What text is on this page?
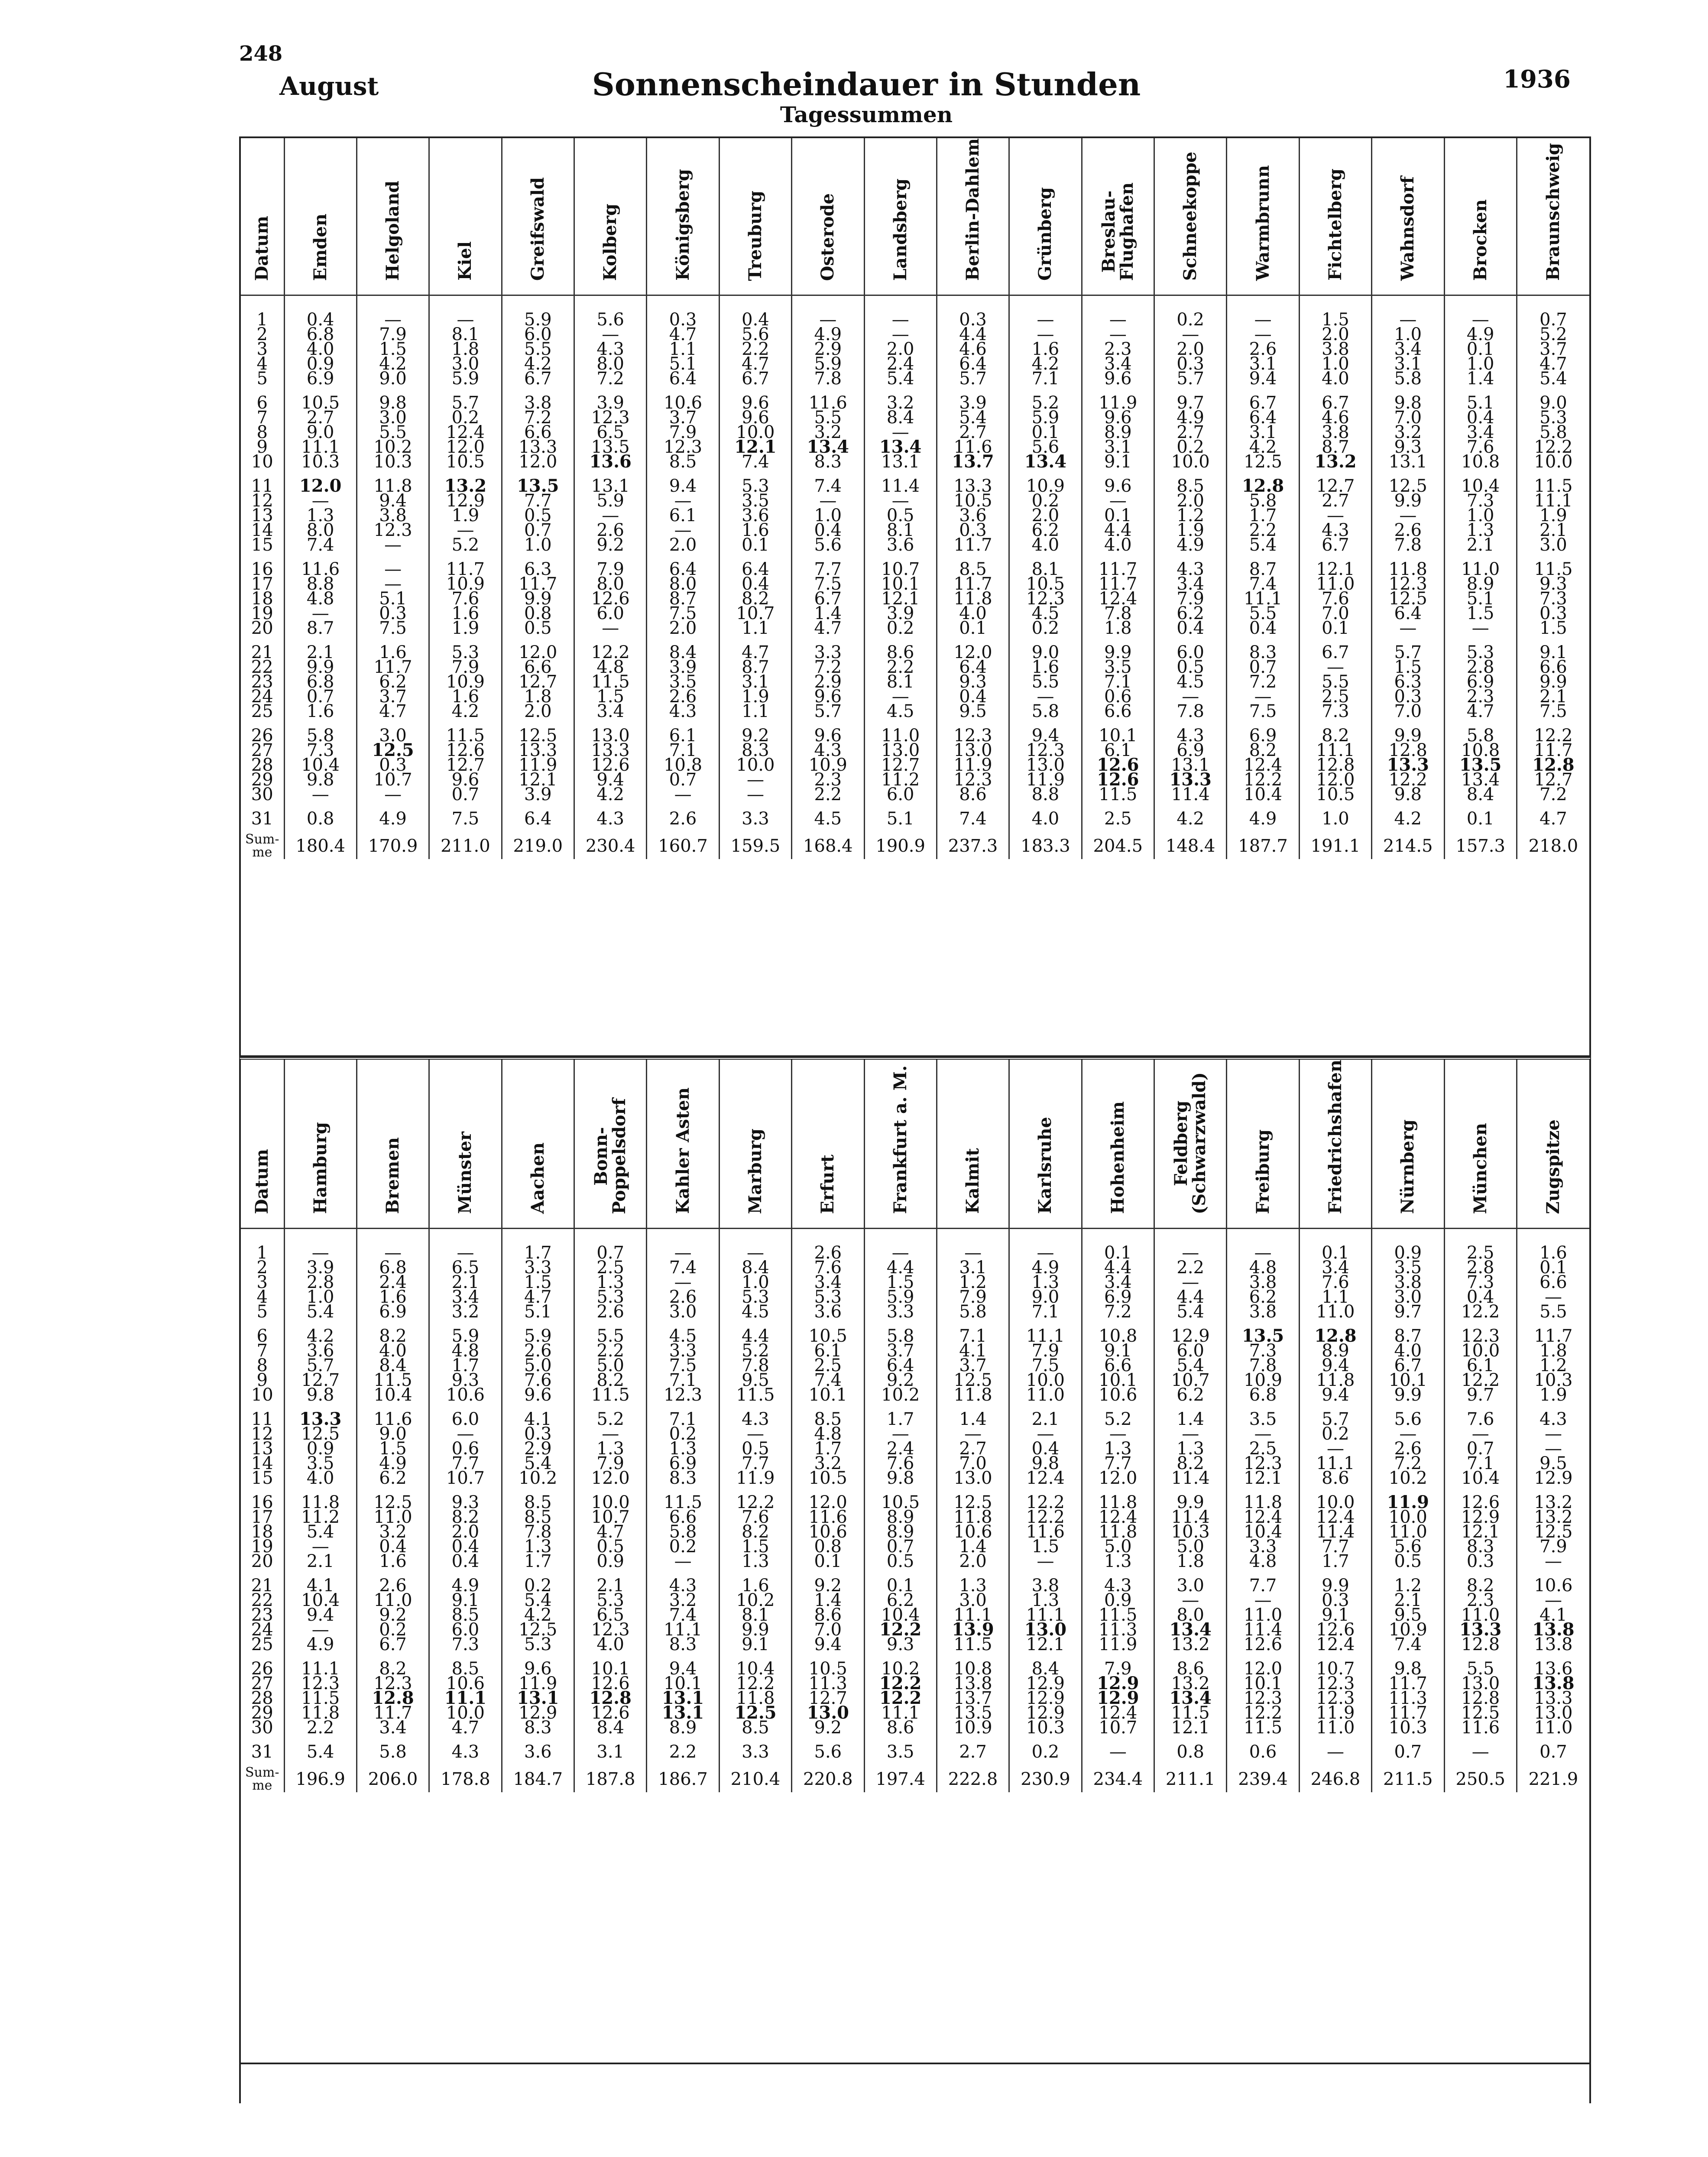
248
August	Sonnenscheindauer in Stunden
Tagessummen
1936
Datum	Emden	Helgoland	Kiel	Greifswald	Kolberg	Königsberg	Treuburg	Osterode	Landsberg	Berlin-Dahlem	Grünberg	Breslau-
Flughafen	Schneekoppe	Warmbrunn	Fichtelberg	Wahnsdorf	Brocken	Braunschweig
1	0.4	—	—	5.9	5.6	0.3	0.4	—	—	0.3	—	—	0.2	—	1.5	—	—	0.7
2	6.8	7.9	8.1	6.0	—	4.7	5.6	4.9	—	4.4	—	—	—	—	2.0	1.0	4.9	5.2
3	4.0	1.5	1.8	5.5	4.3	1.1	2.2	2.9	2.0	4.6	1.6	2.3	2.0	2.6	3.8	3.4	0.1	3.7
4	0.9	4.2	3.0	4.2	8.0	5.1	4.7	5.9	2.4	6.4	4.2	3.4	0.3	3.1	1.0	3.1	1.0	4.7
5	6.9	9.0	5.9	6.7	7.2	6.4	6.7	7.8	5.4	5.7	7.1	9.6	5.7	9.4	4.0	5.8	1.4	5.4
6	10.5	9.8	5.7	3.8	3.9	10.6	9.6	11.6	3.2	3.9	5.2	11.9	9.7	6.7	6.7	9.8	5.1	9.0
7	2.7	3.0	0.2	7.2	12.3	3.7	9.6	5.5	8.4	5.4	5.9	9.6	4.9	6.4	4.6	7.0	0.4	5.3
8	9.0	5.5	12.4	6.6	6.5	7.9	10.0	3.2	—	2.7	0.1	8.9	2.7	3.1	3.8	3.2	3.4	5.8
9	11.1	10.2	12.0	13.3	13.5	12.3	12.1	13.4	13.4	11.6	5.6	3.1	0.2	4.2	8.7	9.3	7.6	12.2
10	10.3	10.3	10.5	12.0	13.6	8.5	7.4	8.3	13.1	13.7	13.4	9.1	10.0	12.5	13.2	13.1	10.8	10.0
11	12.0	11.8	13.2	13.5	13.1	9.4	5.3	7.4	11.4	13.3	10.9	9.6	8.5	12.8	12.7	12.5	10.4	11.5
12	—	9.4	12.9	7.7	5.9	—	3.5	—	—	10.5	0.2	—	2.0	5.8	2.7	9.9	7.3	11.1
13	1.3	3.8	1.9	0.5	—	6.1	3.6	1.0	0.5	3.6	2.0	0.1	1.2	1.7	—	—	1.0	1.9
14	8.0	12.3	—	0.7	2.6	—	1.6	0.4	8.1	0.3	6.2	4.4	1.9	2.2	4.3	2.6	1.3	2.1
15	7.4	—	5.2	1.0	9.2	2.0	0.1	5.6	3.6	11.7	4.0	4.0	4.9	5.4	6.7	7.8	2.1	3.0
16	11.6	—	11.7	6.3	7.9	6.4	6.4	7.7	10.7	8.5	8.1	11.7	4.3	8.7	12.1	11.8	11.0	11.5
17	8.8	—	10.9	11.7	8.0	8.0	0.4	7.5	10.1	11.7	10.5	11.7	3.4	7.4	11.0	12.3	8.9	9.3
18	4.8	5.1	7.6	9.9	12.6	8.7	8.2	6.7	12.1	11.8	12.3	12.4	7.9	11.1	7.6	12.5	5.1	7.3
19	—	0.3	1.6	0.8	6.0	7.5	10.7	1.4	3.9	4.0	4.5	7.8	6.2	5.5	7.0	6.4	1.5	0.3
20	8.7	7.5	1.9	0.5	—	2.0	1.1	4.7	0.2	0.1	0.2	1.8	0.4	0.4	0.1	—	—	1.5
21	2.1	1.6	5.3	12.0	12.2	8.4	4.7	3.3	8.6	12.0	9.0	9.9	6.0	8.3	6.7	5.7	5.3	9.1
22	9.9	11.7	7.9	6.6	4.8	3.9	8.7	7.2	2.2	6.4	1.6	3.5	0.5	0.7	—	1.5	2.8	6.6
23	6.8	6.2	10.9	12.7	11.5	3.5	3.1	2.9	8.1	9.3	5.5	7.1	4.5	7.2	5.5	6.3	6.9	9.9
24	0.7	3.7	1.6	1.8	1.5	2.6	1.9	9.6	—	0.4	—	0.6	—	—	2.5	0.3	2.3	2.1
25	1.6	4.7	4.2	2.0	3.4	4.3	1.1	5.7	4.5	9.5	5.8	6.6	7.8	7.5	7.3	7.0	4.7	7.5
26	5.8	3.0	11.5	12.5	13.0	6.1	9.2	9.6	11.0	12.3	9.4	10.1	4.3	6.9	8.2	9.9	5.8	12.2
27	7.3	12.5	12.6	13.3	13.3	7.1	8.3	4.3	13.0	13.0	12.3	6.1	6.9	8.2	11.1	12.8	10.8	11.7
28	10.4	0.3	12.7	11.9	12.6	10.8	10.0	10.9	12.7	11.9	13.0	12.6	13.1	12.4	12.8	13.3	13.5	12.8
29	9.8	10.7	9.6	12.1	9.4	0.7	—	2.3	11.2	12.3	11.9	12.6	13.3	12.2	12.0	12.2	13.4	12.7
30	—	—	0.7	3.9	4.2	—	—	2.2	6.0	8.6	8.8	11.5	11.4	10.4	10.5	9.8	8.4	7.2
31	0.8	4.9	7.5	6.4	4.3	2.6	3.3	4.5	5.1	7.4	4.0	2.5	4.2	4.9	1.0	4.2	0.1	4.7
Sum-
me	180.4	170.9	211.0	219.0	230.4	160.7	159.5	168.4	190.9	237.3	183.3	204.5	148.4	187.7	191.1	214.5	157.3	218.0
Datum	Hamburg	Bremen	Münster	Aachen	Bonn-
Poppelsdorf	Kahler Asten	Marburg	Erfurt	Frankfurt a. M.	Kalmit	Karlsruhe	Hohenheim	Feldberg
(Schwarzwald)	Freiburg	Friedrichshafen	Nürnberg	München	Zugspitze
1	—	—	—	1.7	0.7	—	—	2.6	—	—	—	0.1	—	—	0.1	0.9	2.5	1.6
2	3.9	6.8	6.5	3.3	2.5	7.4	8.4	7.6	4.4	3.1	4.9	4.4	2.2	4.8	3.4	3.5	2.8	0.1
3	2.8	2.4	2.1	1.5	1.3	—	1.0	3.4	1.5	1.2	1.3	3.4	—	3.8	7.6	3.8	7.3	6.6
4	1.0	1.6	3.4	4.7	5.3	2.6	5.3	5.3	5.9	7.9	9.0	6.9	4.4	6.2	1.1	3.0	0.4	—
5	5.4	6.9	3.2	5.1	2.6	3.0	4.5	3.6	3.3	5.8	7.1	7.2	5.4	3.8	11.0	9.7	12.2	5.5
6	4.2	8.2	5.9	5.9	5.5	4.5	4.4	10.5	5.8	7.1	11.1	10.8	12.9	13.5	12.8	8.7	12.3	11.7
7	3.6	4.0	4.8	2.6	2.2	3.3	5.2	6.1	3.7	4.1	7.9	9.1	6.0	7.3	8.9	4.0	10.0	1.8
8	5.7	8.4	1.7	5.0	5.0	7.5	7.8	2.5	6.4	3.7	7.5	6.6	5.4	7.8	9.4	6.7	6.1	1.2
9	12.7	11.5	9.3	7.6	8.2	7.1	9.5	7.4	9.2	12.5	10.0	10.1	10.7	10.9	11.8	10.1	12.2	10.3
10	9.8	10.4	10.6	9.6	11.5	12.3	11.5	10.1	10.2	11.8	11.0	10.6	6.2	6.8	9.4	9.9	9.7	1.9
11	13.3	11.6	6.0	4.1	5.2	7.1	4.3	8.5	1.7	1.4	2.1	5.2	1.4	3.5	5.7	5.6	7.6	4.3
12	12.5	9.0	—	0.3	—	0.2	—	4.8	—	—	—	—	—	—	0.2	—	—	—
13	0.9	1.5	0.6	2.9	1.3	1.3	0.5	1.7	2.4	2.7	0.4	1.3	1.3	2.5	—	2.6	0.7	—
14	3.5	4.9	7.7	5.4	7.9	6.9	7.7	3.2	7.6	7.0	9.8	7.7	8.2	12.3	11.1	7.2	7.1	9.5
15	4.0	6.2	10.7	10.2	12.0	8.3	11.9	10.5	9.8	13.0	12.4	12.0	11.4	12.1	8.6	10.2	10.4	12.9
16	11.8	12.5	9.3	8.5	10.0	11.5	12.2	12.0	10.5	12.5	12.2	11.8	9.9	11.8	10.0	11.9	12.6	13.2
17	11.2	11.0	8.2	8.5	10.7	6.6	7.6	11.6	8.9	11.8	12.2	12.4	11.4	12.4	12.4	10.0	12.9	13.2
18	5.4	3.2	2.0	7.8	4.7	5.8	8.2	10.6	8.9	10.6	11.6	11.8	10.3	10.4	11.4	11.0	12.1	12.5
19	—	0.4	0.4	1.3	0.5	0.2	1.5	0.8	0.7	1.4	1.5	5.0	5.0	3.3	7.7	5.6	8.3	7.9
20	2.1	1.6	0.4	1.7	0.9	—	1.3	0.1	0.5	2.0	—	1.3	1.8	4.8	1.7	0.5	0.3	—
21	4.1	2.6	4.9	0.2	2.1	4.3	1.6	9.2	0.1	1.3	3.8	4.3	3.0	7.7	9.9	1.2	8.2	10.6
22	10.4	11.0	9.1	5.4	5.3	3.2	10.2	1.4	6.2	3.0	1.3	0.9	—	—	0.3	2.1	2.3	—
23	9.4	9.2	8.5	4.2	6.5	7.4	8.1	8.6	10.4	11.1	11.1	11.5	8.0	11.0	9.1	9.5	11.0	4.1
24	—	0.2	6.0	12.5	12.3	11.1	9.9	7.0	12.2	13.9	13.0	11.3	13.4	11.4	12.6	10.9	13.3	13.8
25	4.9	6.7	7.3	5.3	4.0	8.3	9.1	9.4	9.3	11.5	12.1	11.9	13.2	12.6	12.4	7.4	12.8	13.8
26	11.1	8.2	8.5	9.6	10.1	9.4	10.4	10.5	10.2	10.8	8.4	7.9	8.6	12.0	10.7	9.8	5.5	13.6
27	12.3	12.3	10.6	11.9	12.6	10.1	12.2	11.3	12.2	13.8	12.9	12.9	13.2	10.1	12.3	11.7	13.0	13.8
28	11.5	12.8	11.1	13.1	12.8	13.1	11.8	12.7	12.2	13.7	12.9	12.9	13.4	12.3	12.3	11.3	12.8	13.3
29	11.8	11.7	10.0	12.9	12.6	13.1	12.5	13.0	11.1	13.5	12.9	12.4	11.5	12.2	11.9	11.7	12.5	13.0
30	2.2	3.4	4.7	8.3	8.4	8.9	8.5	9.2	8.6	10.9	10.3	10.7	12.1	11.5	11.0	10.3	11.6	11.0
31	5.4	5.8	4.3	3.6	3.1	2.2	3.3	5.6	3.5	2.7	0.2	—	0.8	0.6	—	0.7	—	0.7
Sum-
me	196.9	206.0	178.8	184.7	187.8	186.7	210.4	220.8	197.4	222.8	230.9	234.4	211.1	239.4	246.8	211.5	250.5	221.9
